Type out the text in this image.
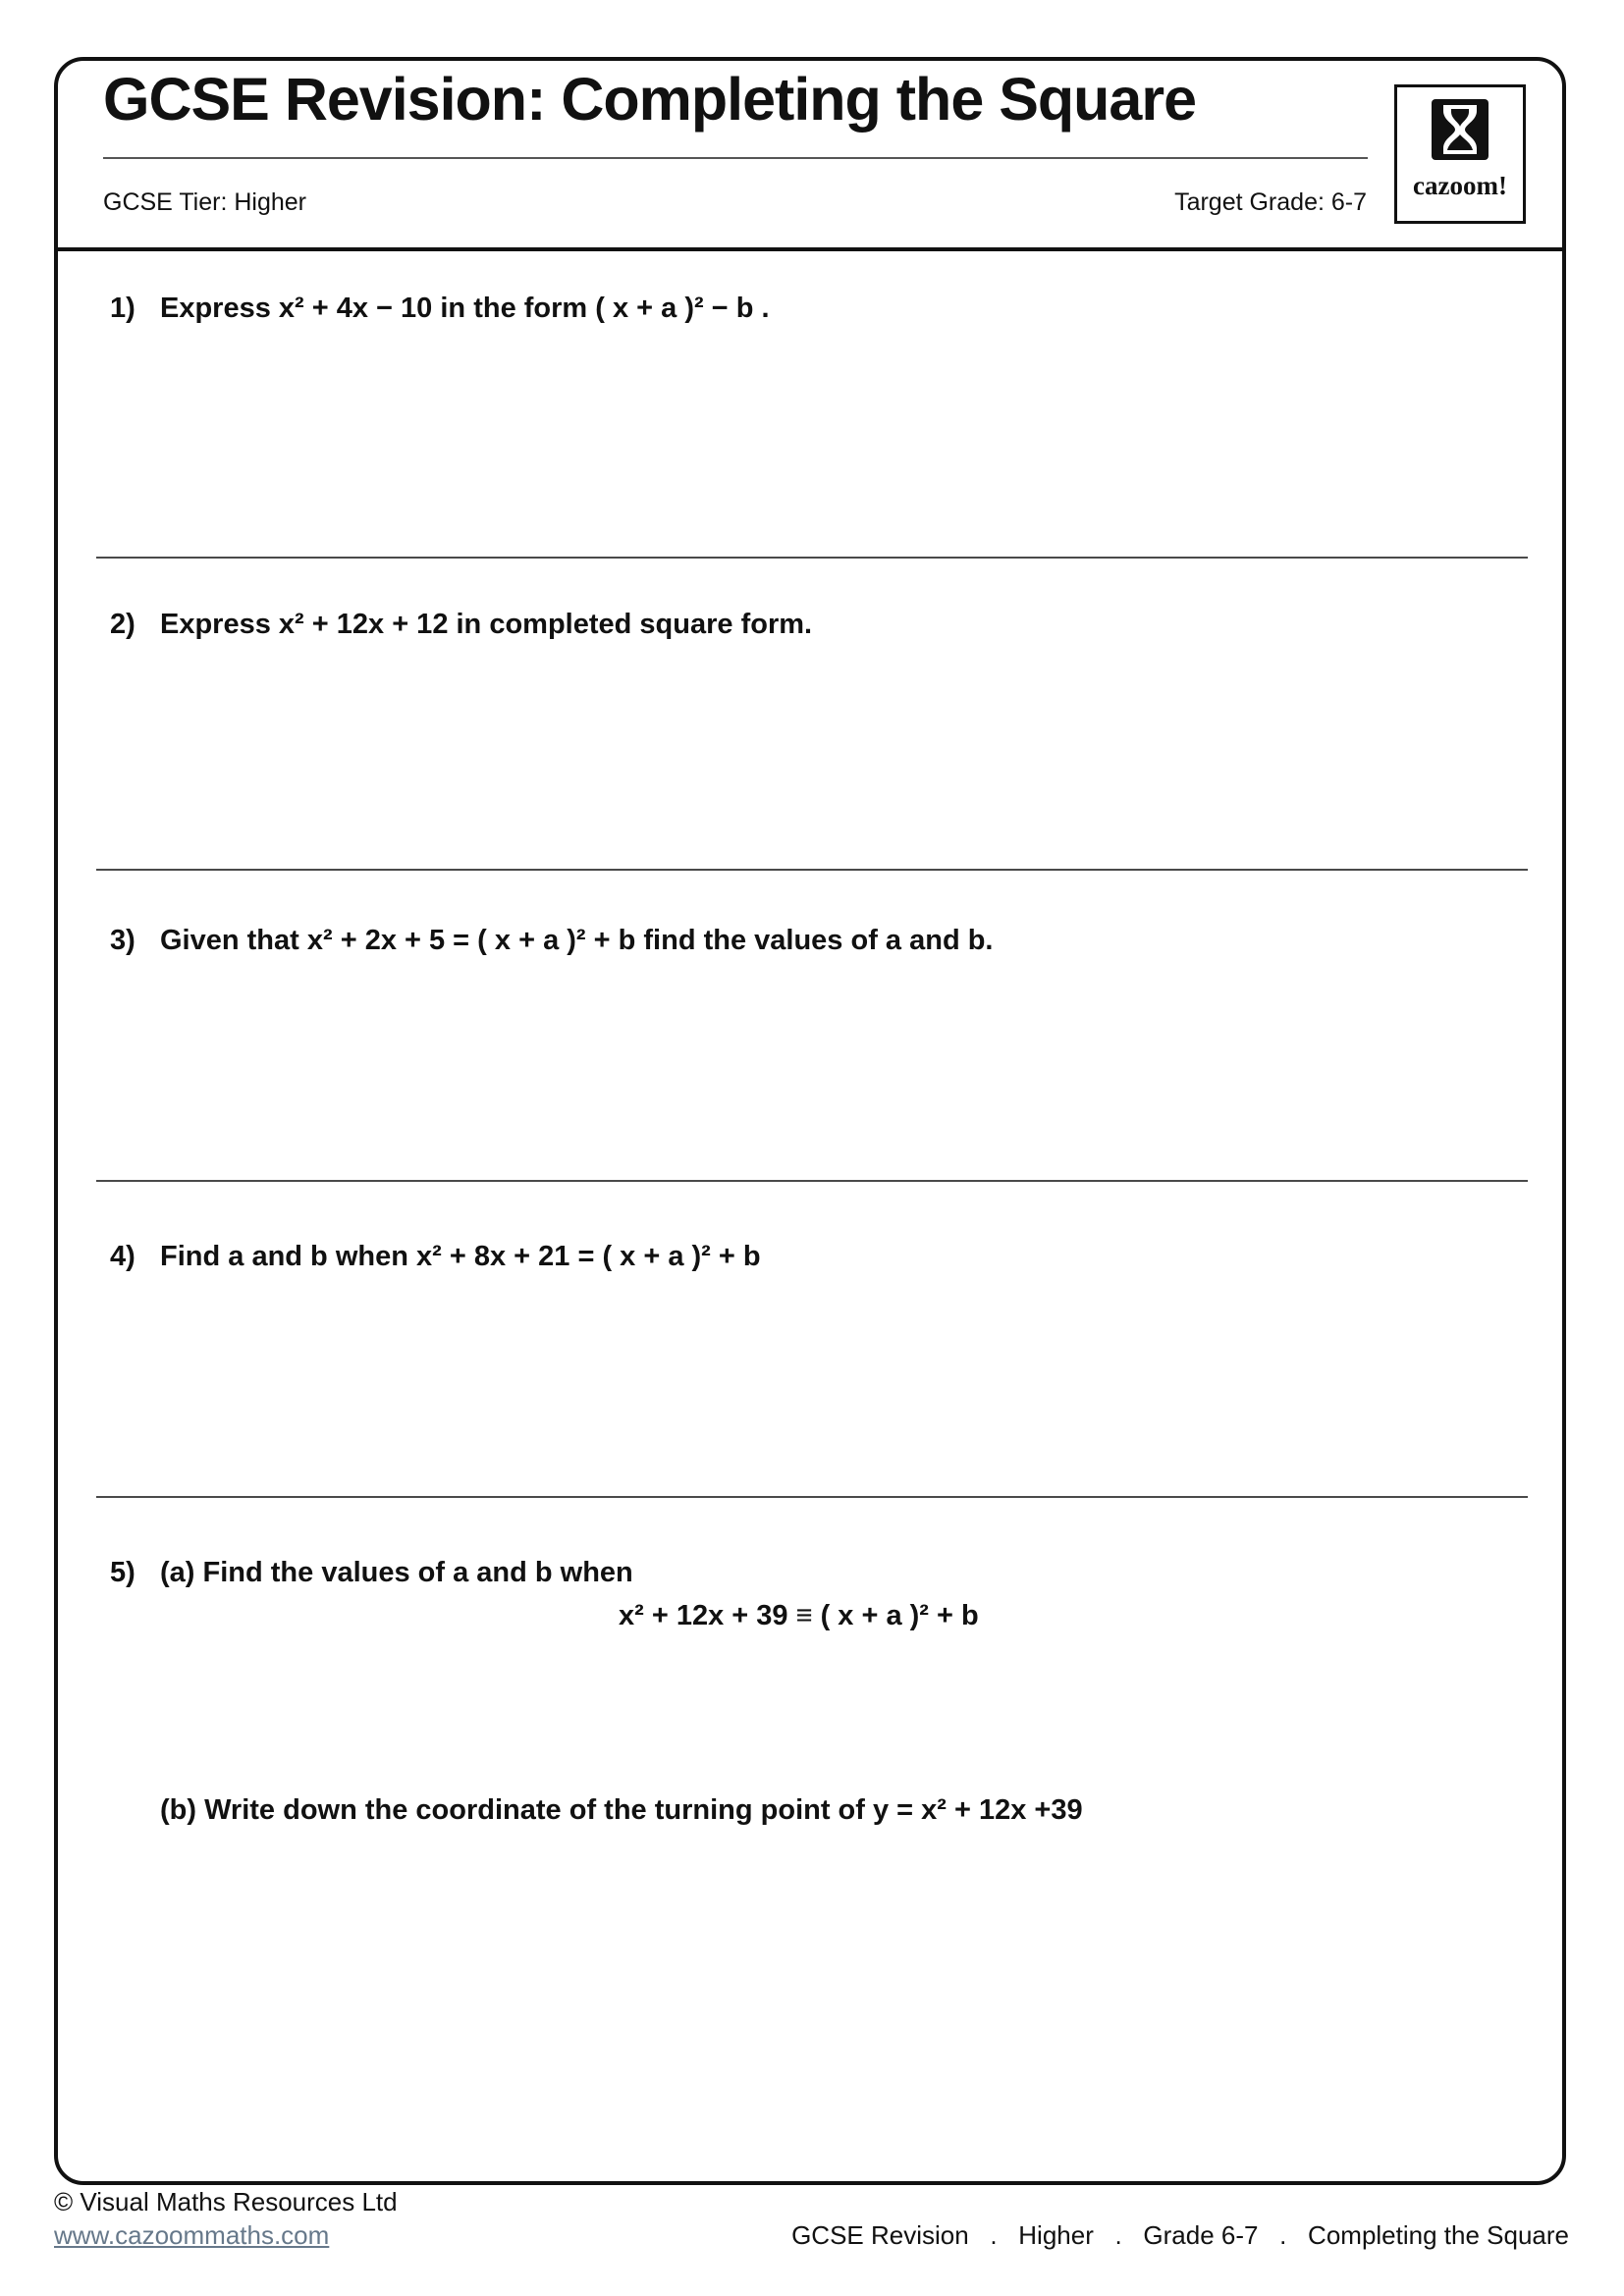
GCSE Revision: Completing the Square
GCSE Tier: Higher	Target Grade: 6-7
cazoom!
1) Express x² + 4x − 10 in the form ( x + a )² − b .
2) Express x² + 12x + 12 in completed square form.
3) Given that x² + 2x + 5 = ( x + a )² + b find the values of a and b.
4) Find a and b when x² + 8x + 21 = ( x + a )² + b
5) (a) Find the values of a and b when
x² + 12x + 39 ≡ ( x + a )² + b
(b) Write down the coordinate of the turning point of y = x² + 12x +39
© Visual Maths Resources Ltd
www.cazoommaths.com	GCSE Revision   .   Higher   .   Grade 6-7   .   Completing the Square
